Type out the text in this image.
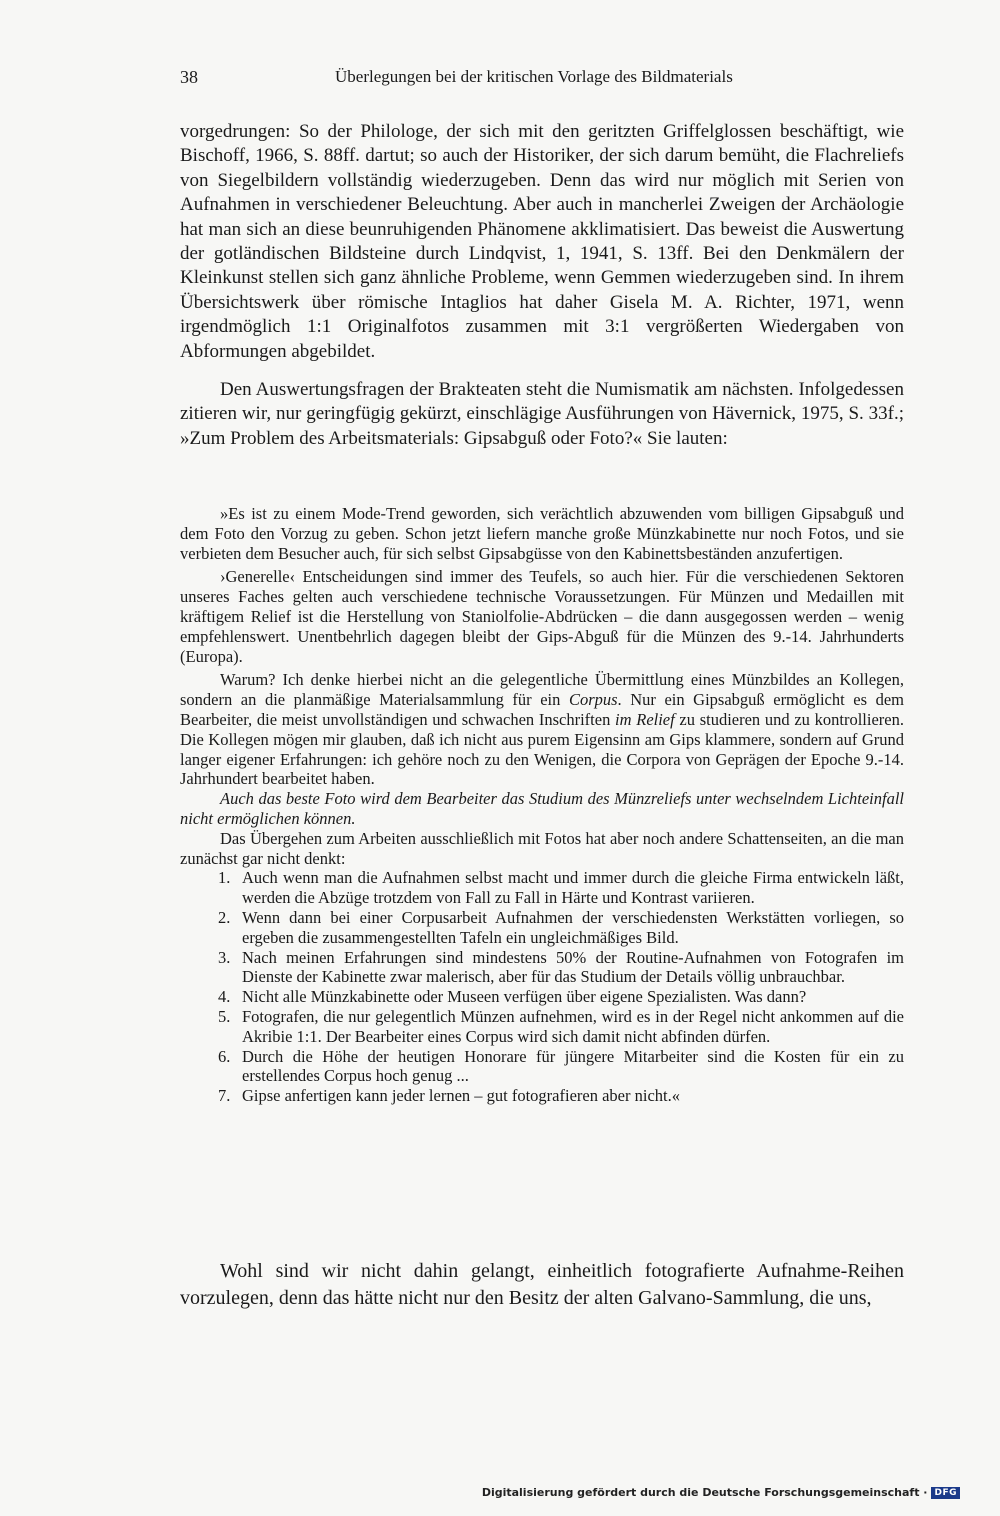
38	Überlegungen bei der kritischen Vorlage des Bildmaterials

vorgedrungen: So der Philologe, der sich mit den geritzten Griffelglossen beschäftigt, wie Bischoff, 1966, S. 88ff. dartut; so auch der Historiker, der sich darum bemüht, die Flachreliefs von Siegelbildern vollständig wiederzugeben. Denn das wird nur möglich mit Serien von Aufnahmen in verschiedener Beleuchtung. Aber auch in mancherlei Zweigen der Archäologie hat man sich an diese beunruhigenden Phänomene akklimatisiert. Das beweist die Auswertung der gotländischen Bildsteine durch Lindqvist, 1, 1941, S. 13ff. Bei den Denkmälern der Kleinkunst stellen sich ganz ähnliche Probleme, wenn Gemmen wiederzugeben sind. In ihrem Übersichtswerk über römische Intaglios hat daher Gisela M. A. Richter, 1971, wenn irgendmöglich 1:1 Originalfotos zusammen mit 3:1 vergrößerten Wiedergaben von Abformungen abgebildet.

Den Auswertungsfragen der Brakteaten steht die Numismatik am nächsten. Infolgedessen zitieren wir, nur geringfügig gekürzt, einschlägige Ausführungen von Hävernick, 1975, S. 33f.; »Zum Problem des Arbeitsmaterials: Gipsabguß oder Foto?« Sie lauten:

»Es ist zu einem Mode-Trend geworden, sich verächtlich abzuwenden vom billigen Gipsabguß und dem Foto den Vorzug zu geben. Schon jetzt liefern manche große Münzkabinette nur noch Fotos, und sie verbieten dem Besucher auch, für sich selbst Gipsabgüsse von den Kabinettsbeständen anzufertigen.

›Generelle‹ Entscheidungen sind immer des Teufels, so auch hier. Für die verschiedenen Sektoren unseres Faches gelten auch verschiedene technische Voraussetzungen. Für Münzen und Medaillen mit kräftigem Relief ist die Herstellung von Staniolfolie-Abdrücken – die dann ausgegossen werden – wenig empfehlenswert. Unentbehrlich dagegen bleibt der Gips-Abguß für die Münzen des 9.-14. Jahrhunderts (Europa).

Warum? Ich denke hierbei nicht an die gelegentliche Übermittlung eines Münzbildes an Kollegen, sondern an die planmäßige Materialsammlung für ein Corpus. Nur ein Gipsabguß ermöglicht es dem Bearbeiter, die meist unvollständigen und schwachen Inschriften im Relief zu studieren und zu kontrollieren. Die Kollegen mögen mir glauben, daß ich nicht aus purem Eigensinn am Gips klammere, sondern auf Grund langer eigener Erfahrungen: ich gehöre noch zu den Wenigen, die Corpora von Geprägen der Epoche 9.-14. Jahrhundert bearbeitet haben.

Auch das beste Foto wird dem Bearbeiter das Studium des Münzreliefs unter wechselndem Lichteinfall nicht ermöglichen können.

Das Übergehen zum Arbeiten ausschließlich mit Fotos hat aber noch andere Schattenseiten, an die man zunächst gar nicht denkt:

1. Auch wenn man die Aufnahmen selbst macht und immer durch die gleiche Firma entwickeln läßt, werden die Abzüge trotzdem von Fall zu Fall in Härte und Kontrast variieren.
2. Wenn dann bei einer Corpusarbeit Aufnahmen der verschiedensten Werkstätten vorliegen, so ergeben die zusammengestellten Tafeln ein ungleichmäßiges Bild.
3. Nach meinen Erfahrungen sind mindestens 50% der Routine-Aufnahmen von Fotografen im Dienste der Kabinette zwar malerisch, aber für das Studium der Details völlig unbrauchbar.
4. Nicht alle Münzkabinette oder Museen verfügen über eigene Spezialisten. Was dann?
5. Fotografen, die nur gelegentlich Münzen aufnehmen, wird es in der Regel nicht ankommen auf die Akribie 1:1. Der Bearbeiter eines Corpus wird sich damit nicht abfinden dürfen.
6. Durch die Höhe der heutigen Honorare für jüngere Mitarbeiter sind die Kosten für ein zu erstellendes Corpus hoch genug ...
7. Gipse anfertigen kann jeder lernen – gut fotografieren aber nicht.«

Wohl sind wir nicht dahin gelangt, einheitlich fotografierte Aufnahme-Reihen vorzulegen, denn das hätte nicht nur den Besitz der alten Galvano-Sammlung, die uns,

Digitalisierung gefördert durch die Deutsche Forschungsgemeinschaft · DFG
